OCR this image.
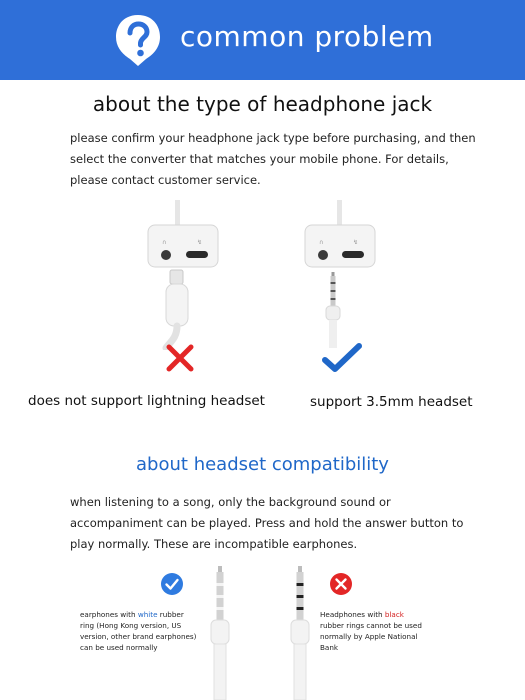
common problem
about the type of headphone jack
please confirm your headphone jack type before purchasing, and then select the converter that matches your mobile phone. For details, please contact customer service.
∩	↯	∩	↯
does not support lightning headset	support 3.5mm headset
about headset compatibility
when listening to a song, only the background sound or accompaniment can be played. Press and hold the answer button to play normally. These are incompatible earphones.
earphones with white rubber ring (Hong Kong version, US version, other brand earphones) can be used normally
Headphones with black rubber rings cannot be used normally by Apple National Bank
